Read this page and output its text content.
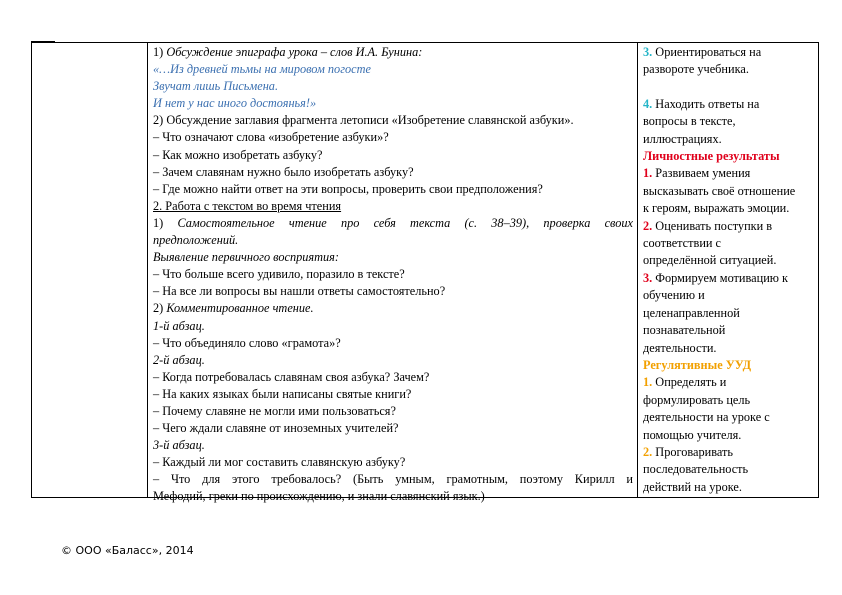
1) Обсуждение эпиграфа урока – слов И.А. Бунина:
«…Из древней тьмы на мировом погосте
Звучат лишь Письмена.
И нет у нас иного достоянья!»
2) Обсуждение заглавия фрагмента летописи «Изобретение славянской азбуки».
– Что означают слова «изобретение азбуки»?
– Как можно изобретать азбуку?
– Зачем славянам нужно было изобретать азбуку?
– Где можно найти ответ на эти вопросы, проверить свои предположения?
2. Работа с текстом во время чтения
1) Самостоятельное чтение про себя текста (с. 38–39), проверка своих
предположений.
Выявление первичного восприятия:
– Что больше всего удивило, поразило в тексте?
– На все ли вопросы вы нашли ответы самостоятельно?
2) Комментированное чтение.
1-й абзац.
– Что объединяло слово «грамота»?
2-й абзац.
– Когда потребовалась славянам своя азбука? Зачем?
– На каких языках были написаны святые книги?
– Почему славяне не могли ими пользоваться?
– Чего ждали славяне от иноземных учителей?
3-й абзац.
– Каждый ли мог составить славянскую азбуку?
– Что для этого требовалось? (Быть умным, грамотным, поэтому Кирилл и
Мефодий, греки по происхождению, и знали славянский язык.)
3. Ориентироваться на
развороте учебника.
4. Находить ответы на
вопросы в тексте,
иллюстрациях.
Личностные результаты
1. Развиваем умения
высказывать своё отношение
к героям, выражать эмоции.
2. Оценивать поступки в
соответствии с
определённой ситуацией.
3. Формируем мотивацию к
обучению и
целенаправленной
познавательной
деятельности.
Регулятивные УУД
1. Определять и
формулировать цель
деятельности на уроке с
помощью учителя.
2. Проговаривать
последовательность
действий на уроке.
© ООО «Баласс», 2014
